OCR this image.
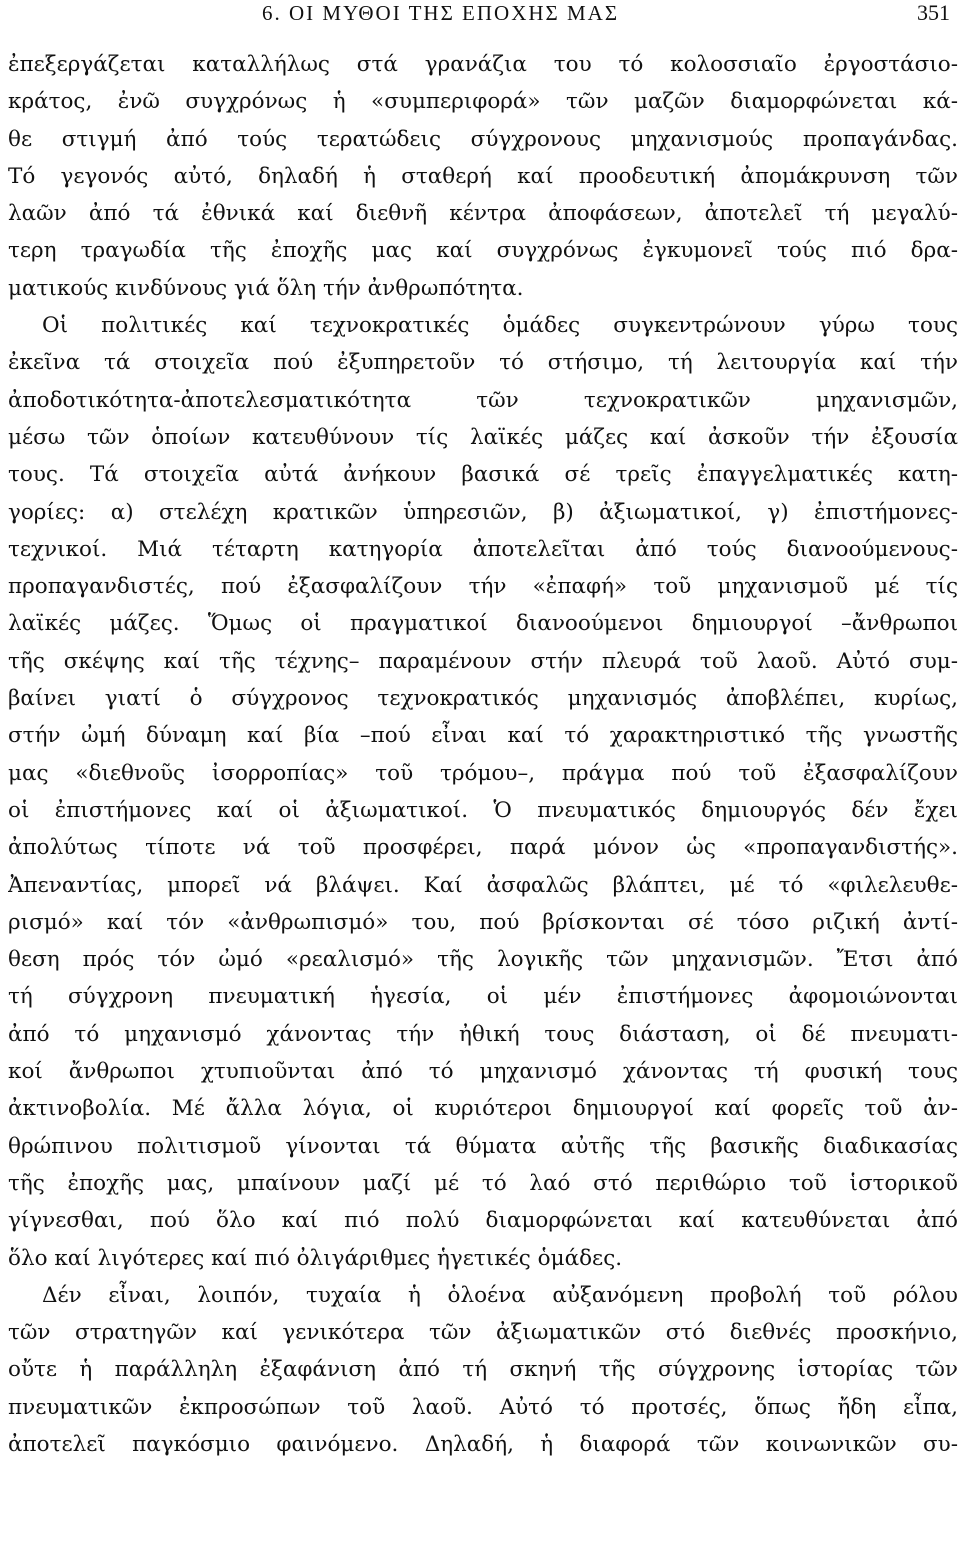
6. ΟΙ ΜΥΘΟΙ ΤΗΣ ΕΠΟΧΗΣ ΜΑΣ	351
ἐπεξεργάζεται καταλλήλως στά γρανάζια του τό κολοσσιαῖο ἐργοστάσιο-
κράτος, ἐνῶ συγχρόνως ἡ «συμπεριφορά» τῶν μαζῶν διαμορφώνεται κά-
θε στιγμή ἀπό τούς τερατώδεις σύγχρονους μηχανισμούς προπαγάνδας.
Τό γεγονός αὐτό, δηλαδή ἡ σταθερή καί προοδευτική ἀπομάκρυνση τῶν
λαῶν ἀπό τά ἐθνικά καί διεθνῆ κέντρα ἀποφάσεων, ἀποτελεῖ τή μεγαλύ-
τερη τραγωδία τῆς ἐποχῆς μας καί συγχρόνως ἐγκυμονεῖ τούς πιό δρα-
ματικούς κινδύνους γιά ὅλη τήν ἀνθρωπότητα.
Οἱ πολιτικές καί τεχνοκρατικές ὁμάδες συγκεντρώνουν γύρω τους
ἐκεῖνα τά στοιχεῖα πού ἐξυπηρετοῦν τό στήσιμο, τή λειτουργία καί τήν
ἀποδοτικότητα-ἀποτελεσματικότητα τῶν τεχνοκρατικῶν μηχανισμῶν,
μέσω τῶν ὁποίων κατευθύνουν τίς λαϊκές μάζες καί ἀσκοῦν τήν ἐξουσία
τους. Τά στοιχεῖα αὐτά ἀνήκουν βασικά σέ τρεῖς ἐπαγγελματικές κατη-
γορίες: α) στελέχη κρατικῶν ὑπηρεσιῶν, β) ἀξιωματικοί, γ) ἐπιστήμονες-
τεχνικοί. Μιά τέταρτη κατηγορία ἀποτελεῖται ἀπό τούς διανοούμενους-
προπαγανδιστές, πού ἐξασφαλίζουν τήν «ἐπαφή» τοῦ μηχανισμοῦ μέ τίς
λαϊκές μάζες. Ὅμως οἱ πραγματικοί διανοούμενοι δημιουργοί –ἄνθρωποι
τῆς σκέψης καί τῆς τέχνης– παραμένουν στήν πλευρά τοῦ λαοῦ. Αὐτό συμ-
βαίνει γιατί ὁ σύγχρονος τεχνοκρατικός μηχανισμός ἀποβλέπει, κυρίως,
στήν ὠμή δύναμη καί βία –πού εἶναι καί τό χαρακτηριστικό τῆς γνωστῆς
μας «διεθνοῦς ἰσορροπίας» τοῦ τρόμου–, πράγμα πού τοῦ ἐξασφαλίζουν
οἱ ἐπιστήμονες καί οἱ ἀξιωματικοί. Ὁ πνευματικός δημιουργός δέν ἔχει
ἀπολύτως τίποτε νά τοῦ προσφέρει, παρά μόνον ὡς «προπαγανδιστής».
Ἀπεναντίας, μπορεῖ νά βλάψει. Καί ἀσφαλῶς βλάπτει, μέ τό «φιλελευθε-
ρισμό» καί τόν «ἀνθρωπισμό» του, πού βρίσκονται σέ τόσο ριζική ἀντί-
θεση πρός τόν ὠμό «ρεαλισμό» τῆς λογικῆς τῶν μηχανισμῶν. Ἔτσι ἀπό
τή σύγχρονη πνευματική ἡγεσία, οἱ μέν ἐπιστήμονες ἀφομοιώνονται
ἀπό τό μηχανισμό χάνοντας τήν ἠθική τους διάσταση, οἱ δέ πνευματι-
κοί ἄνθρωποι χτυπιοῦνται ἀπό τό μηχανισμό χάνοντας τή φυσική τους
ἀκτινοβολία. Μέ ἄλλα λόγια, οἱ κυριότεροι δημιουργοί καί φορεῖς τοῦ ἀν-
θρώπινου πολιτισμοῦ γίνονται τά θύματα αὐτῆς τῆς βασικῆς διαδικασίας
τῆς ἐποχῆς μας, μπαίνουν μαζί μέ τό λαό στό περιθώριο τοῦ ἱστορικοῦ
γίγνεσθαι, πού ὅλο καί πιό πολύ διαμορφώνεται καί κατευθύνεται ἀπό
ὅλο καί λιγότερες καί πιό ὀλιγάριθμες ἡγετικές ὁμάδες.
Δέν εἶναι, λοιπόν, τυχαία ἡ ὁλοένα αὐξανόμενη προβολή τοῦ ρόλου
τῶν στρατηγῶν καί γενικότερα τῶν ἀξιωματικῶν στό διεθνές προσκήνιο,
οὔτε ἡ παράλληλη ἐξαφάνιση ἀπό τή σκηνή τῆς σύγχρονης ἱστορίας τῶν
πνευματικῶν ἐκπροσώπων τοῦ λαοῦ. Αὐτό τό προτσές, ὅπως ἤδη εἶπα,
ἀποτελεῖ παγκόσμιο φαινόμενο. Δηλαδή, ἡ διαφορά τῶν κοινωνικῶν συ-
